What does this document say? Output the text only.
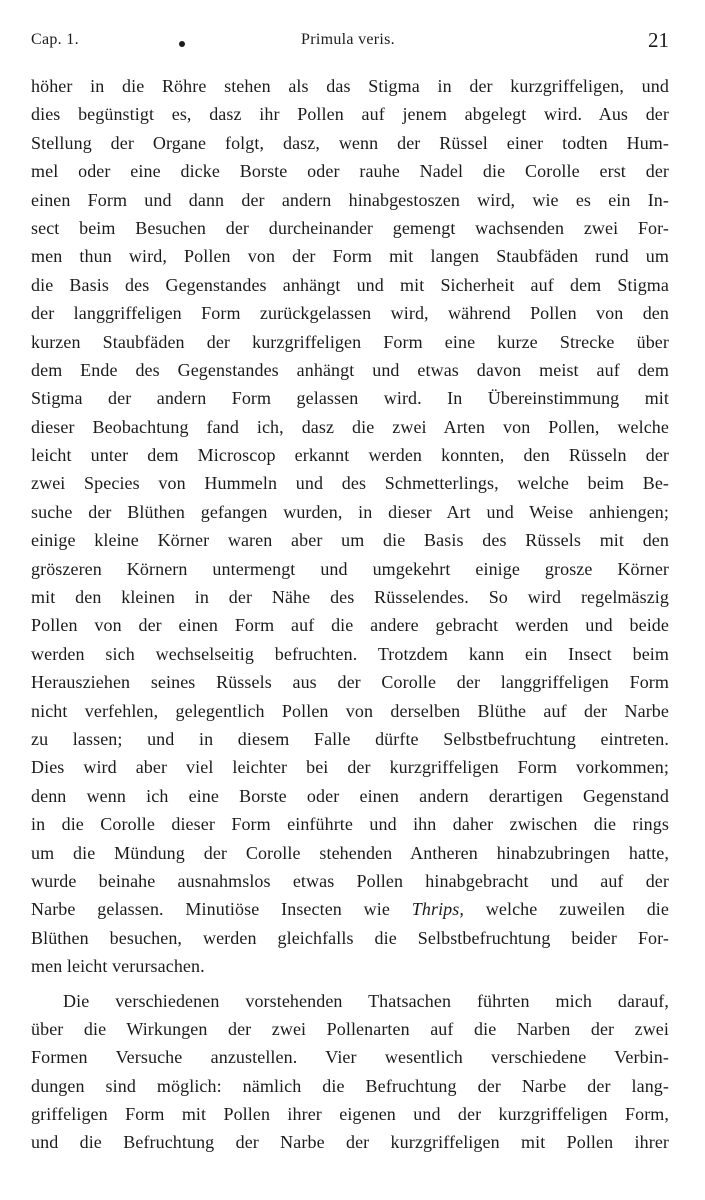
Cap. 1.	Primula veris.	21
höher in die Röhre stehen als das Stigma in der kurzgriffeligen, und
dies begünstigt es, dasz ihr Pollen auf jenem abgelegt wird. Aus der
Stellung der Organe folgt, dasz, wenn der Rüssel einer todten Hum-
mel oder eine dicke Borste oder rauhe Nadel die Corolle erst der
einen Form und dann der andern hinabgestoszen wird, wie es ein In-
sect beim Besuchen der durcheinander gemengt wachsenden zwei For-
men thun wird, Pollen von der Form mit langen Staubfäden rund um
die Basis des Gegenstandes anhängt und mit Sicherheit auf dem Stigma
der langgriffeligen Form zurückgelassen wird, während Pollen von den
kurzen Staubfäden der kurzgriffeligen Form eine kurze Strecke über
dem Ende des Gegenstandes anhängt und etwas davon meist auf dem
Stigma der andern Form gelassen wird. In Übereinstimmung mit
dieser Beobachtung fand ich, dasz die zwei Arten von Pollen, welche
leicht unter dem Microscop erkannt werden konnten, den Rüsseln der
zwei Species von Hummeln und des Schmetterlings, welche beim Be-
suche der Blüthen gefangen wurden, in dieser Art und Weise anhiengen;
einige kleine Körner waren aber um die Basis des Rüssels mit den
gröszeren Körnern untermengt und umgekehrt einige grosze Körner
mit den kleinen in der Nähe des Rüsselendes. So wird regelmäszig
Pollen von der einen Form auf die andere gebracht werden und beide
werden sich wechselseitig befruchten. Trotzdem kann ein Insect beim
Herausziehen seines Rüssels aus der Corolle der langgriffeligen Form
nicht verfehlen, gelegentlich Pollen von derselben Blüthe auf der Narbe
zu lassen; und in diesem Falle dürfte Selbstbefruchtung eintreten.
Dies wird aber viel leichter bei der kurzgriffeligen Form vorkommen;
denn wenn ich eine Borste oder einen andern derartigen Gegenstand
in die Corolle dieser Form einführte und ihn daher zwischen die rings
um die Mündung der Corolle stehenden Antheren hinabzubringen hatte,
wurde beinahe ausnahmslos etwas Pollen hinabgebracht und auf der
Narbe gelassen. Minutiöse Insecten wie Thrips, welche zuweilen die
Blüthen besuchen, werden gleichfalls die Selbstbefruchtung beider For-
men leicht verursachen.
Die verschiedenen vorstehenden Thatsachen führten mich darauf,
über die Wirkungen der zwei Pollenarten auf die Narben der zwei
Formen Versuche anzustellen. Vier wesentlich verschiedene Verbin-
dungen sind möglich: nämlich die Befruchtung der Narbe der lang-
griffeligen Form mit Pollen ihrer eigenen und der kurzgriffeligen Form,
und die Befruchtung der Narbe der kurzgriffeligen mit Pollen ihrer
